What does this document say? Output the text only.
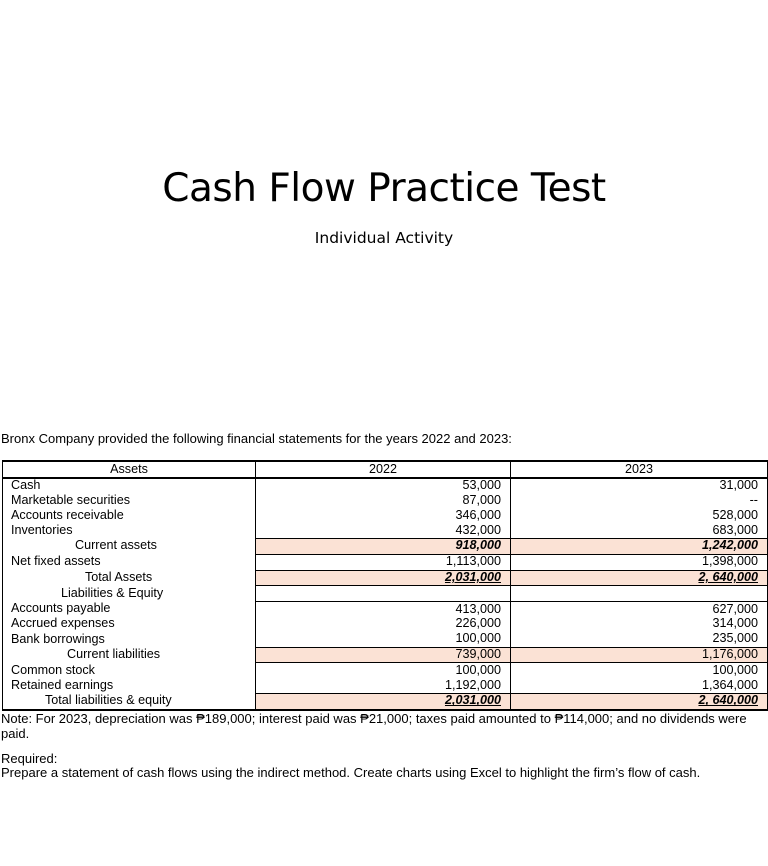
Cash Flow Practice Test
Individual Activity
Bronx Company provided the following financial statements for the years 2022 and 2023:
Assets	2022	2023
Cash	53,000	31,000
Marketable securities	87,000	--
Accounts receivable	346,000	528,000
Inventories	432,000	683,000
Current assets	918,000	1,242,000
Net fixed assets	1,113,000	1,398,000
Total Assets	2,031,000	2, 640,000
Liabilities & Equity		
Accounts payable	413,000	627,000
Accrued expenses	226,000	314,000
Bank borrowings	100,000	235,000
Current liabilities	739,000	1,176,000
Common stock	100,000	100,000
Retained earnings	1,192,000	1,364,000
Total liabilities & equity	2,031,000	2, 640,000
Note: For 2023, depreciation was ₱189,000; interest paid was ₱21,000; taxes paid amounted to ₱114,000; and no dividends were paid.
Required:
Prepare a statement of cash flows using the indirect method. Create charts using Excel to highlight the firm’s flow of cash.
